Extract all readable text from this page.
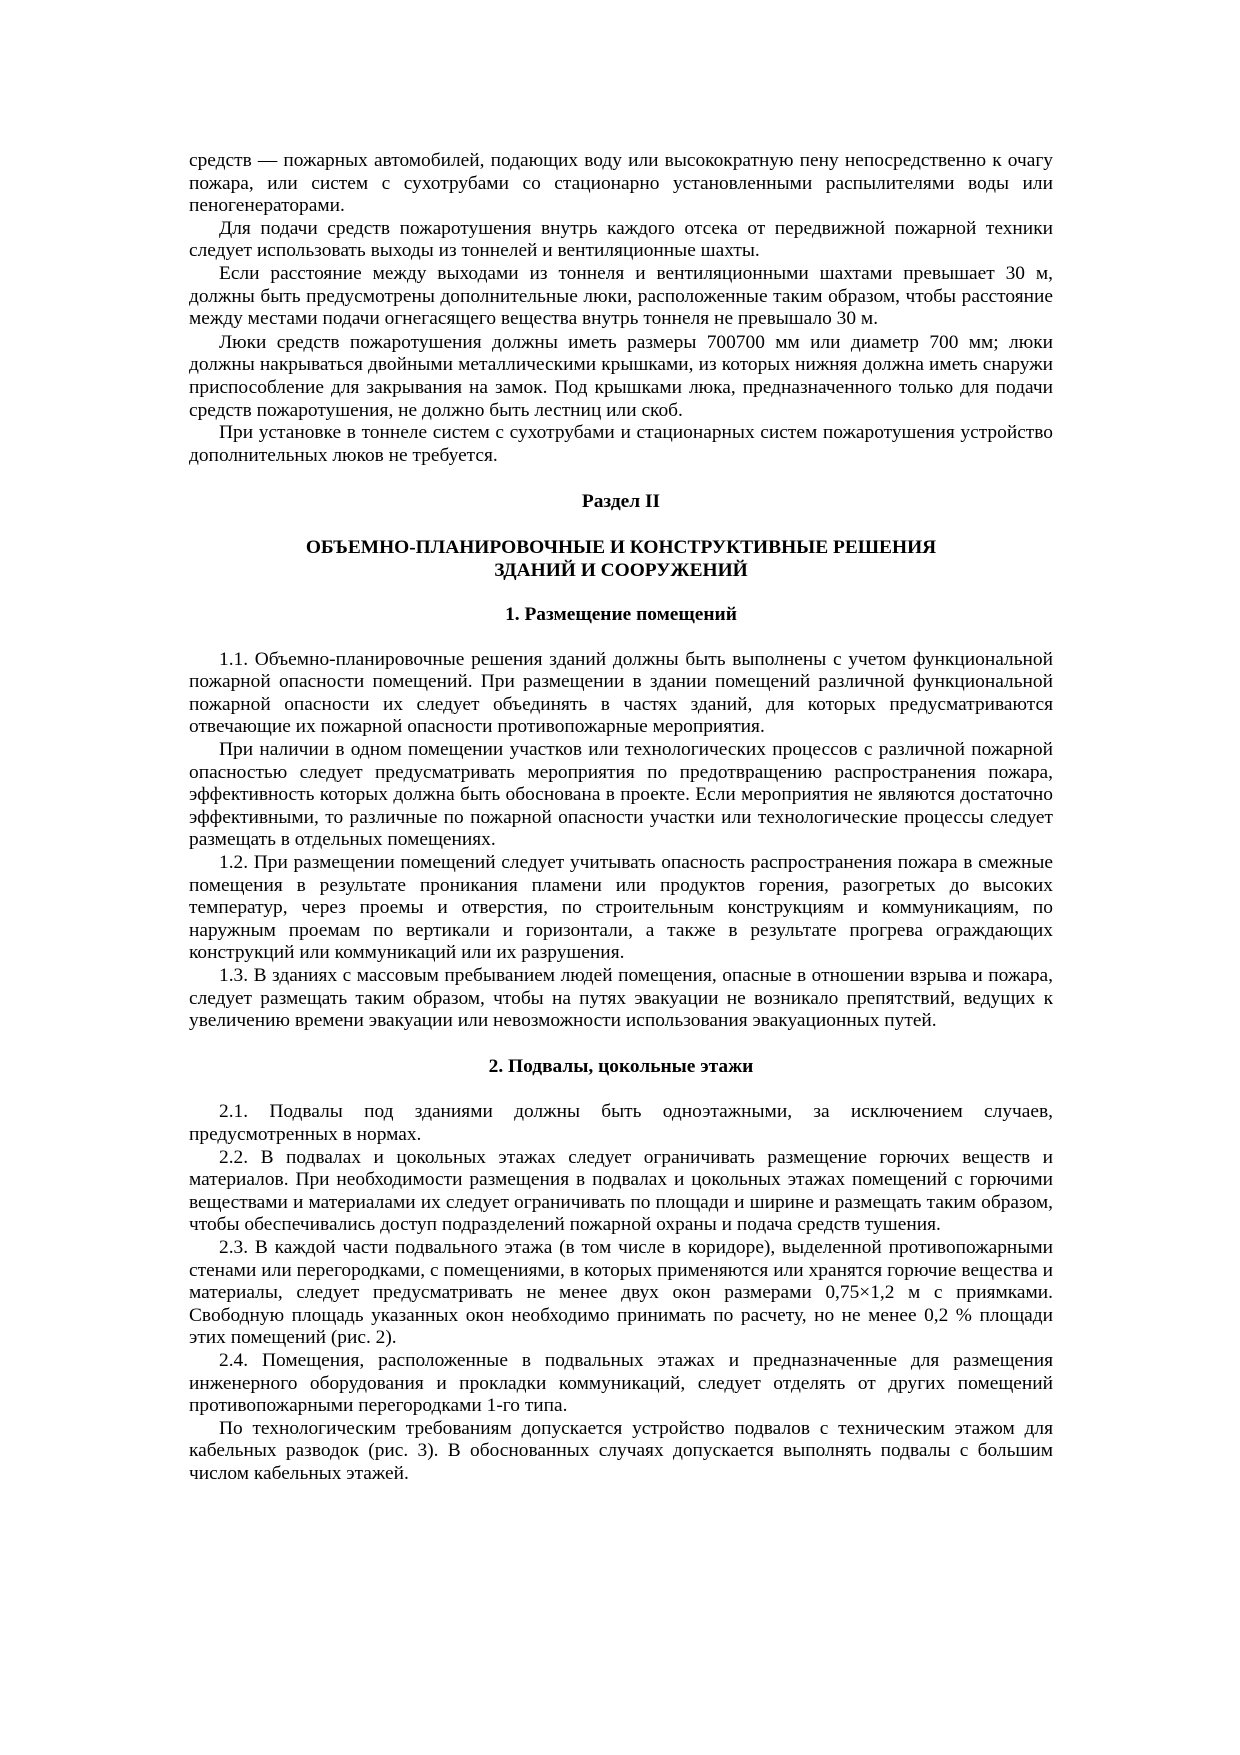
средств — пожарных автомобилей, подающих воду или высокократную пену непосредственно к очагу пожара, или систем с сухотрубами со стационарно установленными распылителями воды или пеногенераторами.

Для подачи средств пожаротушения внутрь каждого отсека от передвижной пожарной техники следует использовать выходы из тоннелей и вентиляционные шахты.

Если расстояние между выходами из тоннеля и вентиляционными шахтами превышает 30 м, должны быть предусмотрены дополнительные люки, расположенные таким образом, чтобы расстояние между местами подачи огнегасящего вещества внутрь тоннеля не превышало 30 м.

Люки средств пожаротушения должны иметь размеры 700700 мм или диаметр 700 мм; люки должны накрываться двойными металлическими крышками, из которых нижняя должна иметь снаружи приспособление для закрывания на замок. Под крышками люка, предназначенного только для подачи средств пожаротушения, не должно быть лестниц или скоб.

При установке в тоннеле систем с сухотрубами и стационарных систем пожаротушения устройство дополнительных люков не требуется.

Раздел II

ОБЪЕМНО-ПЛАНИРОВОЧНЫЕ И КОНСТРУКТИВНЫЕ РЕШЕНИЯ
ЗДАНИЙ И СООРУЖЕНИЙ

1. Размещение помещений

1.1. Объемно-планировочные решения зданий должны быть выполнены с учетом функциональной пожарной опасности помещений. При размещении в здании помещений различной функциональной пожарной опасности их следует объединять в частях зданий, для которых предусматриваются отвечающие их пожарной опасности противопожарные мероприятия.

При наличии в одном помещении участков или технологических процессов с различной пожарной опасностью следует предусматривать мероприятия по предотвращению распространения пожара, эффективность которых должна быть обоснована в проекте. Если мероприятия не являются достаточно эффективными, то различные по пожарной опасности участки или технологические процессы следует размещать в отдельных помещениях.

1.2. При размещении помещений следует учитывать опасность распространения пожара в смежные помещения в результате проникания пламени или продуктов горения, разогретых до высоких температур, через проемы и отверстия, по строительным конструкциям и коммуникациям, по наружным проемам по вертикали и горизонтали, а также в результате прогрева ограждающих конструкций или коммуникаций или их разрушения.

1.3. В зданиях с массовым пребыванием людей помещения, опасные в отношении взрыва и пожара, следует размещать таким образом, чтобы на путях эвакуации не возникало препятствий, ведущих к увеличению времени эвакуации или невозможности использования эвакуационных путей.

2. Подвалы, цокольные этажи

2.1. Подвалы под зданиями должны быть одноэтажными, за исключением случаев, предусмотренных в нормах.

2.2. В подвалах и цокольных этажах следует ограничивать размещение горючих веществ и материалов. При необходимости размещения в подвалах и цокольных этажах помещений с горючими веществами и материалами их следует ограничивать по площади и ширине и размещать таким образом, чтобы обеспечивались доступ подразделений пожарной охраны и подача средств тушения.

2.3. В каждой части подвального этажа (в том числе в коридоре), выделенной противопожарными стенами или перегородками, с помещениями, в которых применяются или хранятся горючие вещества и материалы, следует предусматривать не менее двух окон размерами 0,75×1,2 м с приямками. Свободную площадь указанных окон необходимо принимать по расчету, но не менее 0,2 % площади этих помещений (рис. 2).

2.4. Помещения, расположенные в подвальных этажах и предназначенные для размещения инженерного оборудования и прокладки коммуникаций, следует отделять от других помещений противопожарными перегородками 1-го типа.

По технологическим требованиям допускается устройство подвалов с техническим этажом для кабельных разводок (рис. 3). В обоснованных случаях допускается выполнять подвалы с большим числом кабельных этажей.
